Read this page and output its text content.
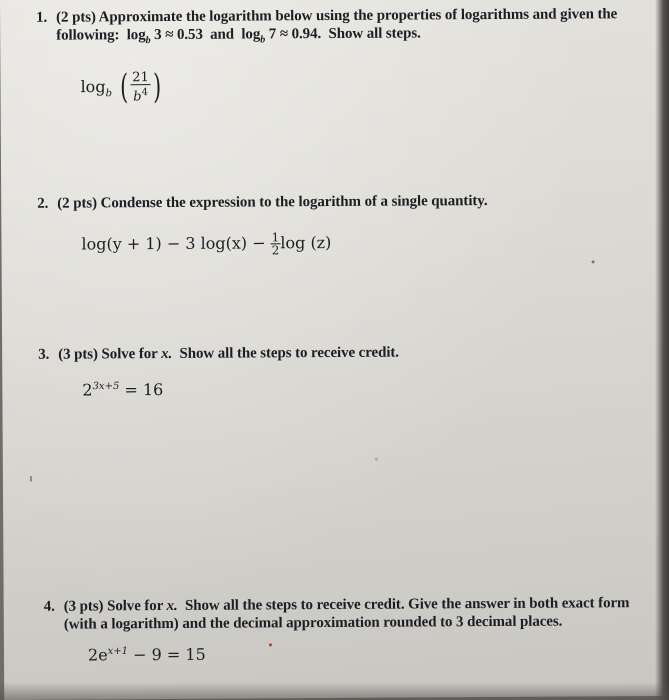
1. (2 pts) Approximate the logarithm below using the properties of logarithms and given the
following: $\log_b 3 \approx 0.53$ and $\log_b 7 \approx 0.94$. Show all steps.
$\log_b$ ( $\frac{21}{b^4}$ )
2. (2 pts) Condense the expression to the logarithm of a single quantity.
log(y + 1) − 3 $\log(x) - \frac{1}{2}$ log (z)
3. (3 pts) Solve for x. Show all the steps to receive credit.
$2^{3x+5} = 16$
4. (3 pts) Solve for x. Show all the steps to receive credit. Give the answer in both exact form
(with a logarithm) and the decimal approximation rounded to 3 decimal places.
$2e^{x+1} - 9 = 15$
